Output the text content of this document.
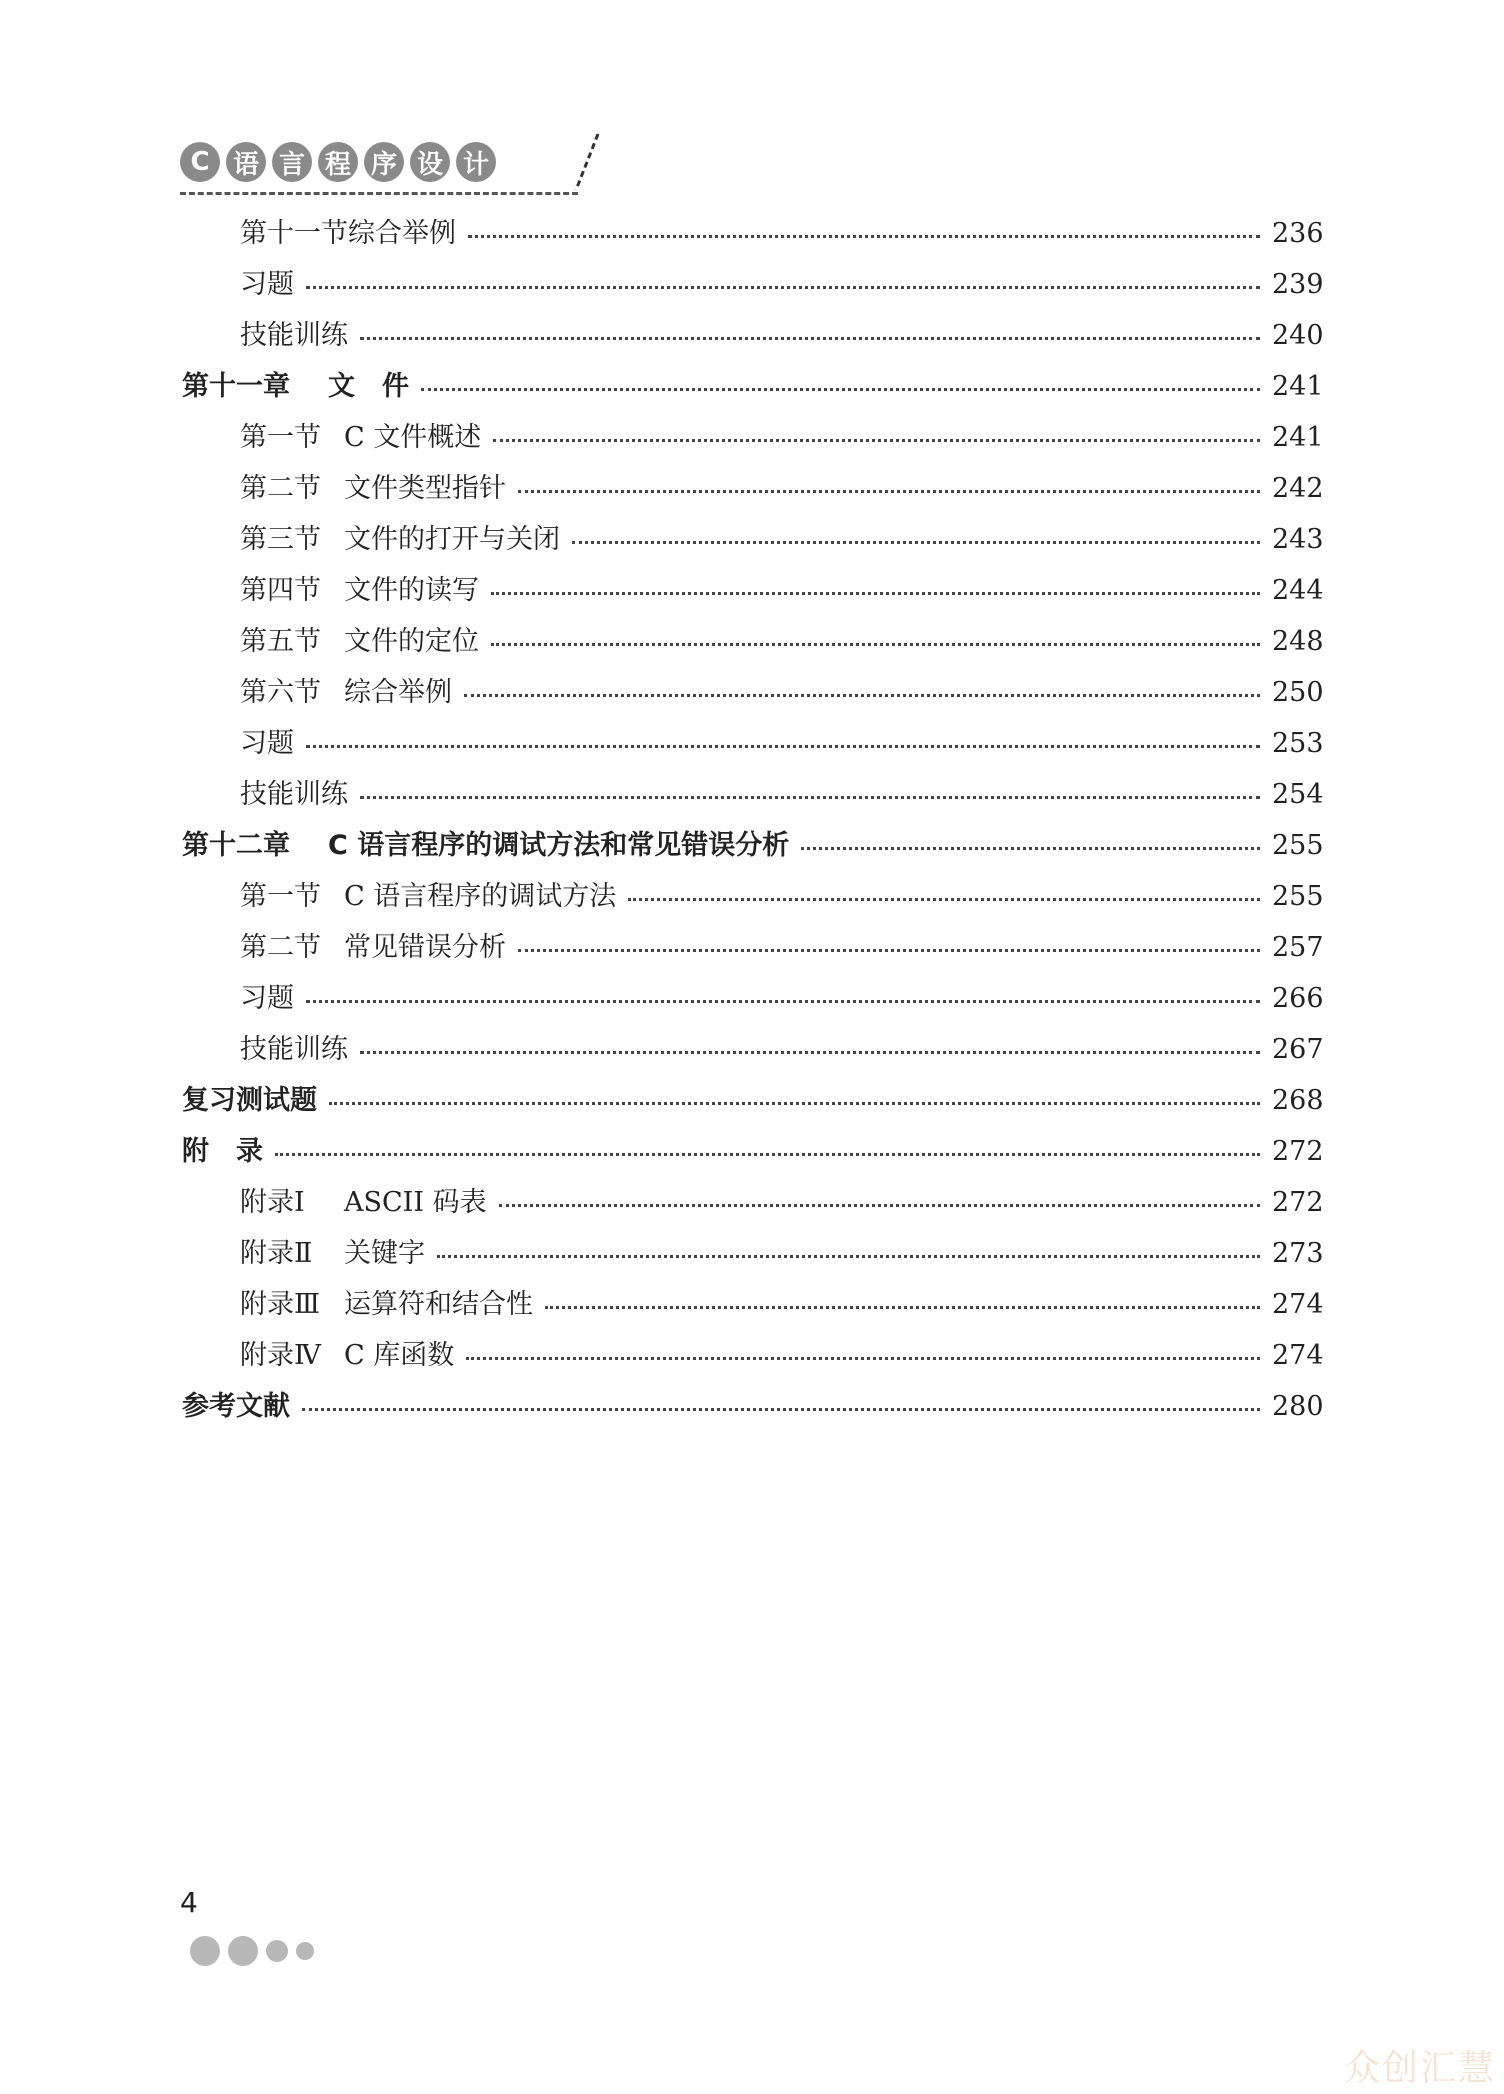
C 语 言 程 序 设 计
第十一节综合举例	236
习题	239
技能训练	240
第十一章 文　件	241
第一节 C 文件概述	241
第二节 文件类型指针	242
第三节 文件的打开与关闭	243
第四节 文件的读写	244
第五节 文件的定位	248
第六节 综合举例	250
习题	253
技能训练	254
第十二章 C 语言程序的调试方法和常见错误分析	255
第一节 C 语言程序的调试方法	255
第二节 常见错误分析	257
习题	266
技能训练	267
复习测试题	268
附　录	272
附录Ⅰ ASCII 码表	272
附录Ⅱ 关键字	273
附录Ⅲ 运算符和结合性	274
附录Ⅳ C 库函数	274
参考文献	280
4
众创汇慧
